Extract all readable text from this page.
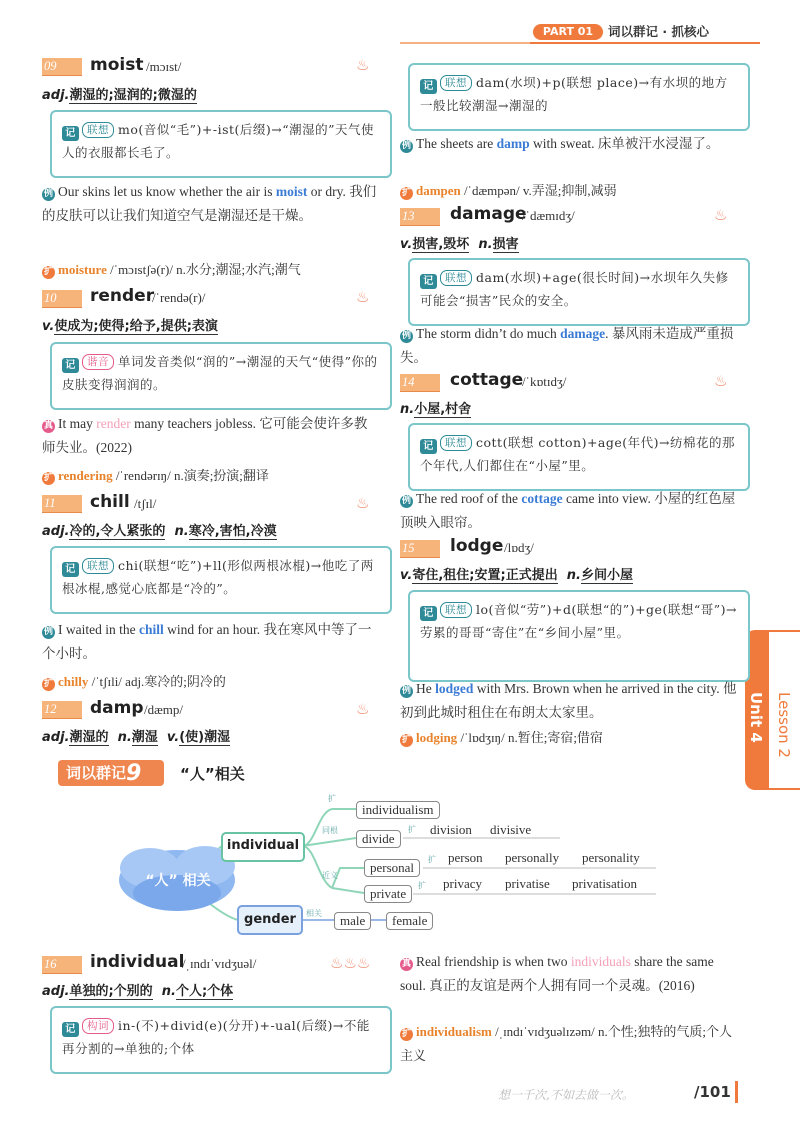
PART 01	词以群记 · 抓核心
Unit 4 Lesson 2
09	moist /mɔɪst/	♨
adj.潮湿的;湿润的;微湿的
记 联想 mo(音似“毛”)+-ist(后缀)→“潮湿的”天气使人的衣服都长毛了。
例 Our skins let us know whether the air is moist or dry. 我们的皮肤可以让我们知道空气是潮湿还是干燥。
扩 moisture /ˈmɔɪstʃə(r)/ n.水分;潮湿;水汽;潮气
10	render
/ˈrendə(r)/	♨
v.使成为;使得;给予,提供;表演
记 谐音 单词发音类似“润的”→潮湿的天气“使得”你的皮肤变得润润的。
真 It may render many teachers jobless. 它可能会使许多教师失业。(2022)
扩 rendering /ˈrendərɪŋ/ n.演奏;扮演;翻译
11	chill /tʃɪl/	♨
adj.冷的,令人紧张的 n.寒冷,害怕,冷漠
记 联想 chi(联想“吃”)+ll(形似两根冰棍)→他吃了两根冰棍,感觉心底都是“冷的”。
例 I waited in the chill wind for an hour. 我在寒风中等了一个小时。
扩 chilly /ˈtʃɪli/ adj.寒冷的;阴冷的
12	damp /dæmp/	♨
adj.潮湿的 n.潮湿 v.(使)潮湿
记 联想 dam(水坝)+p(联想 place)→有水坝的地方一般比较潮湿→潮湿的
例 The sheets are damp with sweat. 床单被汗水浸湿了。
扩 dampen /ˈdæmpən/ v.弄湿;抑制,减弱
13	damage
/ˈdæmɪdʒ/	♨
v.损害,毁坏 n.损害
记 联想 dam(水坝)+age(很长时间)→水坝年久失修可能会“损害”民众的安全。
例 The storm didn’t do much damage. 暴风雨未造成严重损失。
14	cottage
/ˈkɒtɪdʒ/	♨
n.小屋,村舍
记 联想 cott(联想 cotton)+age(年代)→纺棉花的那个年代,人们都住在“小屋”里。
例 The red roof of the cottage came into view. 小屋的红色屋顶映入眼帘。
15	lodge /lɒdʒ/
v.寄住,租住;安置;正式提出 n.乡间小屋
记 联想 lo(音似“劳”)+d(联想“的”)+ge(联想“哥”)→劳累的哥哥“寄住”在“乡间小屋”里。
例 He lodged with Mrs. Brown when he arrived in the city. 他初到此城时租住在布朗太太家里。
扩 lodging /ˈlɒdʒɪŋ/ n.暂住;寄宿;借宿
词以群记9	“人”相关
“人” 相关
individual
gender
扩
同根
近义
相关
扩
扩
扩
individualism
divide
personal
private
male	female
division divisive
person personally personality
privacy privatise privatisation
16	individual
/ˌɪndɪˈvɪdʒuəl/	♨♨♨
adj.单独的;个别的 n.个人;个体
记 构词 in-(不)+divid(e)(分开)+-ual(后缀)→不能再分割的→单独的;个体
真 Real friendship is when two individuals share the same soul. 真正的友谊是两个人拥有同一个灵魂。(2016)
扩 individualism /ˌɪndɪˈvɪdʒuəlɪzəm/ n.个性;独特的气质;个人主义
想一千次,不如去做一次。	/101
